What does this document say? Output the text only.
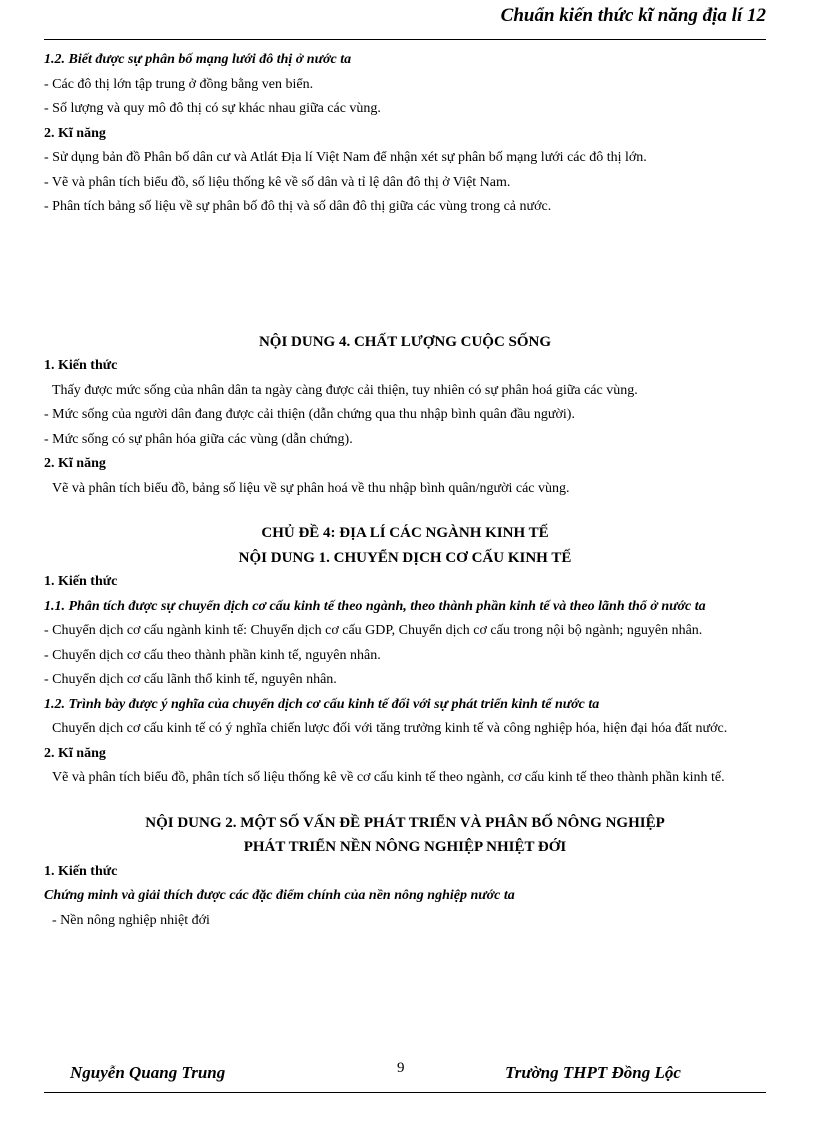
Chuẩn kiến thức kĩ năng địa lí 12

1.2. Biết được sự phân bố mạng lưới đô thị ở nước ta

- Các đô thị lớn tập trung ở đồng bằng ven biển.

- Số lượng và quy mô đô thị có sự khác nhau giữa các vùng.

2. Kĩ năng

- Sử dụng bản đồ Phân bố dân cư và Atlát Địa lí Việt Nam để nhận xét sự phân bố mạng lưới các đô thị lớn.

- Vẽ và phân tích biểu đồ, số liệu thống kê về số dân và tỉ lệ dân đô thị ở Việt Nam.

- Phân tích bảng số liệu về sự phân bố đô thị và số dân đô thị giữa các vùng trong cả nước.

NỘI DUNG 4. CHẤT LƯỢNG CUỘC SỐNG

1. Kiến thức

Thấy được mức sống của nhân dân ta ngày càng được cải thiện, tuy nhiên có sự phân hoá giữa các vùng.

- Mức sống của người dân đang được cải thiện (dẫn chứng qua thu nhập bình quân đầu người).

- Mức sống có sự phân hóa giữa các vùng (dẫn chứng).

2. Kĩ năng

Vẽ và phân tích biểu đồ, bảng số liệu về sự phân hoá về thu nhập bình quân/người các vùng.

CHỦ ĐỀ 4: ĐỊA LÍ CÁC NGÀNH KINH TẾ

NỘI DUNG 1. CHUYỂN DỊCH CƠ CẤU KINH TẾ

1. Kiến thức

1.1. Phân tích được sự chuyển dịch cơ cấu kinh tế theo ngành, theo thành phần kinh tế và theo lãnh thổ ở nước ta

- Chuyển dịch cơ cấu ngành kinh tế: Chuyển dịch cơ cấu GDP, Chuyển dịch cơ cấu trong nội bộ ngành; nguyên nhân.

- Chuyển dịch cơ cấu theo thành phần kinh tế, nguyên nhân.

- Chuyển dịch cơ cấu lãnh thổ kinh tế, nguyên nhân.

1.2. Trình bày được ý nghĩa của chuyển dịch cơ cấu kinh tế đối với sự phát triển kinh tế nước ta

Chuyển dịch cơ cấu kinh tế có ý nghĩa chiến lược đối với tăng trưởng kinh tế và công nghiệp hóa, hiện đại hóa đất nước.

2. Kĩ năng

Vẽ và phân tích biểu đồ, phân tích số liệu thống kê về cơ cấu kinh tế theo ngành, cơ cấu kinh tế theo thành phần kinh tế.

NỘI DUNG 2. MỘT SỐ VẤN ĐỀ PHÁT TRIỂN VÀ PHÂN BỐ NÔNG NGHIỆP

PHÁT TRIỂN NỀN NÔNG NGHIỆP NHIỆT ĐỚI

1. Kiến thức

Chứng minh và giải thích được các đặc điểm chính của nền nông nghiệp nước ta

- Nền nông nghiệp nhiệt đới

Nguyễn Quang Trung	9	Trường THPT Đồng Lộc
